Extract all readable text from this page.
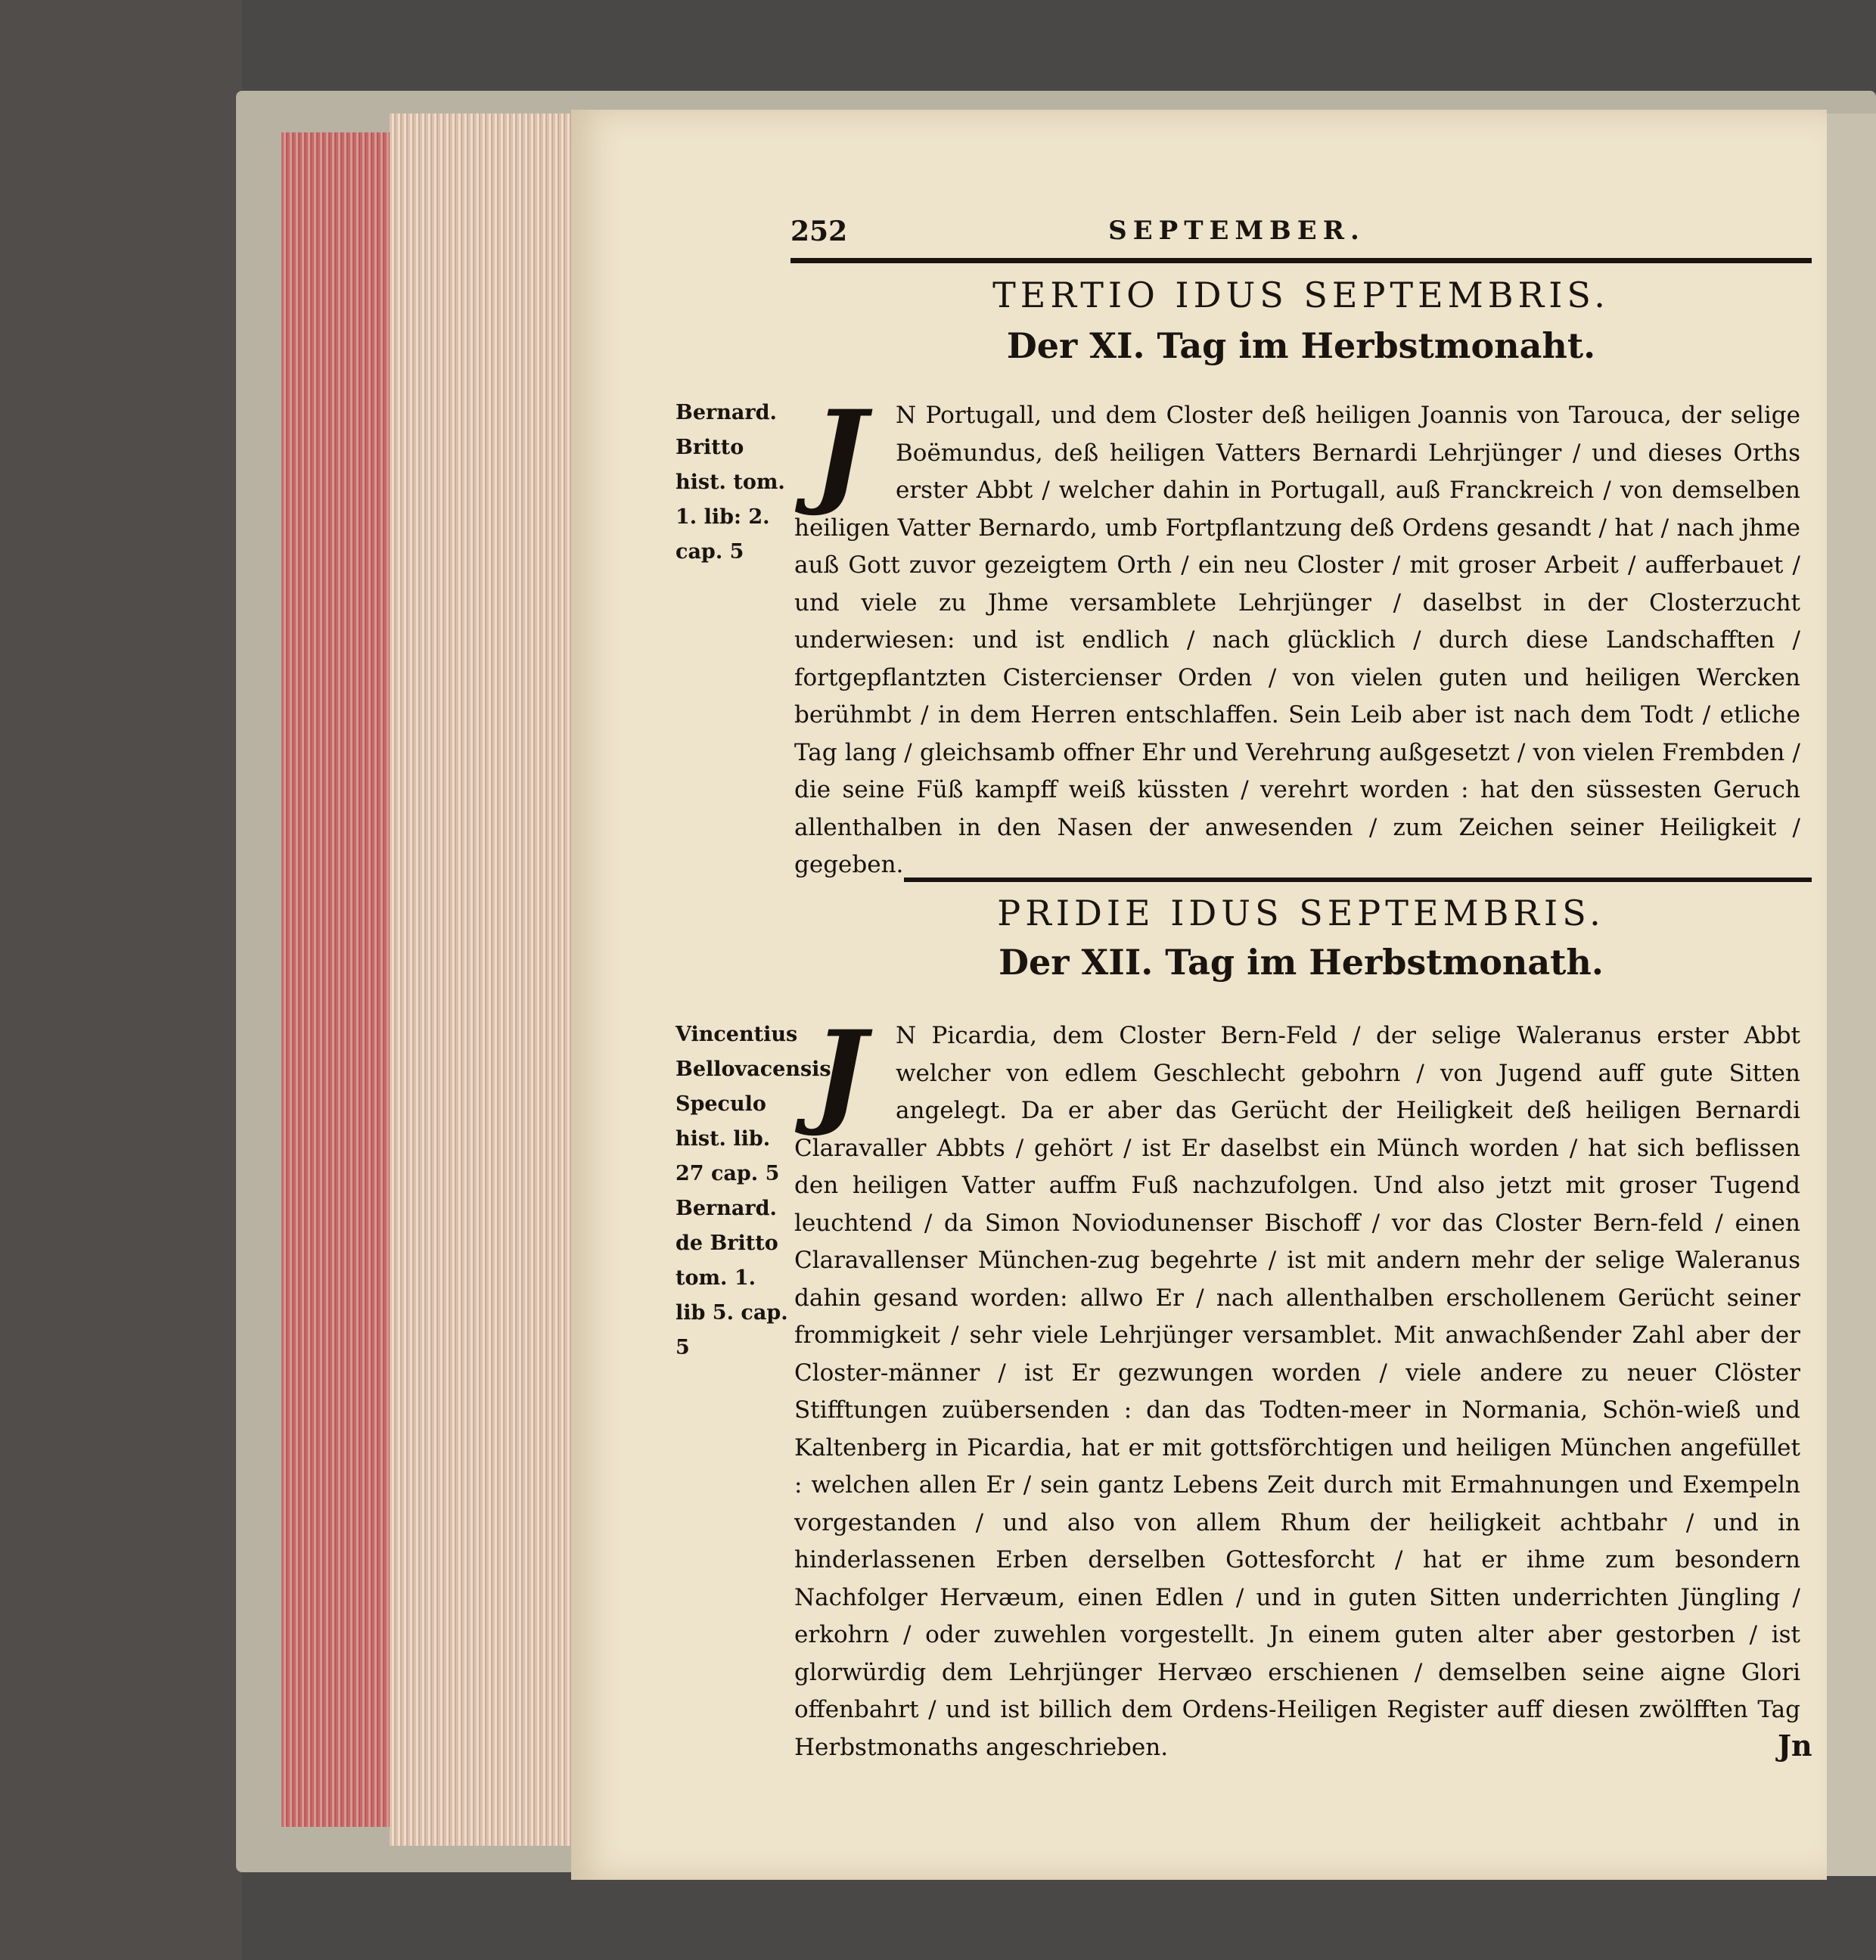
252	SEPTEMBER.
TERTIO IDUS SEPTEMBRIS.
Der XI. Tag im Herbstmonaht.
Bernard. Britto hist. tom. 1. lib: 2. cap. 5
J	N Portugall, und dem Closter deß heiligen Joannis von Tarouca, der selige Boëmundus, deß heiligen Vatters Bernardi Lehrjünger / und dieses Orths erster Abbt / welcher dahin in Portugall, auß Franckreich / von demselben heiligen Vatter Bernardo, umb Fortpflantzung deß Ordens gesandt / hat / nach jhme auß Gott zuvor gezeigtem Orth / ein neu Closter / mit groser Arbeit / aufferbauet / und viele zu Jhme versamblete Lehrjünger / daselbst in der Closterzucht underwiesen: und ist endlich / nach glücklich / durch diese Landschafften / fortgepflantzten Cistercienser Orden / von vielen guten und heiligen Wercken berühmbt / in dem Herren entschlaffen. Sein Leib aber ist nach dem Todt / etliche Tag lang / gleichsamb offner Ehr und Verehrung außgesetzt / von vielen Frembden / die seine Füß kampff weiß küssten / verehrt worden : hat den süssesten Geruch allenthalben in den Nasen der anwesenden / zum Zeichen seiner Heiligkeit / gegeben.
PRIDIE IDUS SEPTEMBRIS.
Der XII. Tag im Herbstmonath.
Vincentius Bellovacensis Speculo hist. lib. 27 cap. 5 Bernard. de Britto tom. 1. lib 5. cap. 5
J	N Picardia, dem Closter Bern-Feld / der selige Waleranus erster Abbt welcher von edlem Geschlecht gebohrn / von Jugend auff gute Sitten angelegt. Da er aber das Gerücht der Heiligkeit deß heiligen Bernardi Claravaller Abbts / gehört / ist Er daselbst ein Münch worden / hat sich beflissen den heiligen Vatter auffm Fuß nachzufolgen. Und also jetzt mit groser Tugend leuchtend / da Simon Noviodunenser Bischoff / vor das Closter Bern-feld / einen Claravallenser München-zug begehrte / ist mit andern mehr der selige Waleranus dahin gesand worden: allwo Er / nach allenthalben erschollenem Gerücht seiner frommigkeit / sehr viele Lehrjünger versamblet. Mit anwachßender Zahl aber der Closter-männer / ist Er gezwungen worden / viele andere zu neuer Clöster Stifftungen zuübersenden : dan das Todten-meer in Normania, Schön-wieß und Kaltenberg in Picardia, hat er mit gottsförchtigen und heiligen München angefüllet : welchen allen Er / sein gantz Lebens Zeit durch mit Ermahnungen und Exempeln vorgestanden / und also von allem Rhum der heiligkeit achtbahr / und in hinderlassenen Erben derselben Gottesforcht / hat er ihme zum besondern Nachfolger Hervæum, einen Edlen / und in guten Sitten underrichten Jüngling / erkohrn / oder zuwehlen vorgestellt. Jn einem guten alter aber gestorben / ist glorwürdig dem Lehrjünger Hervæo erschienen / demselben seine aigne Glori offenbahrt / und ist billich dem Ordens-Heiligen Register auff diesen zwölfften Tag Herbstmonaths angeschrieben.	Jn
